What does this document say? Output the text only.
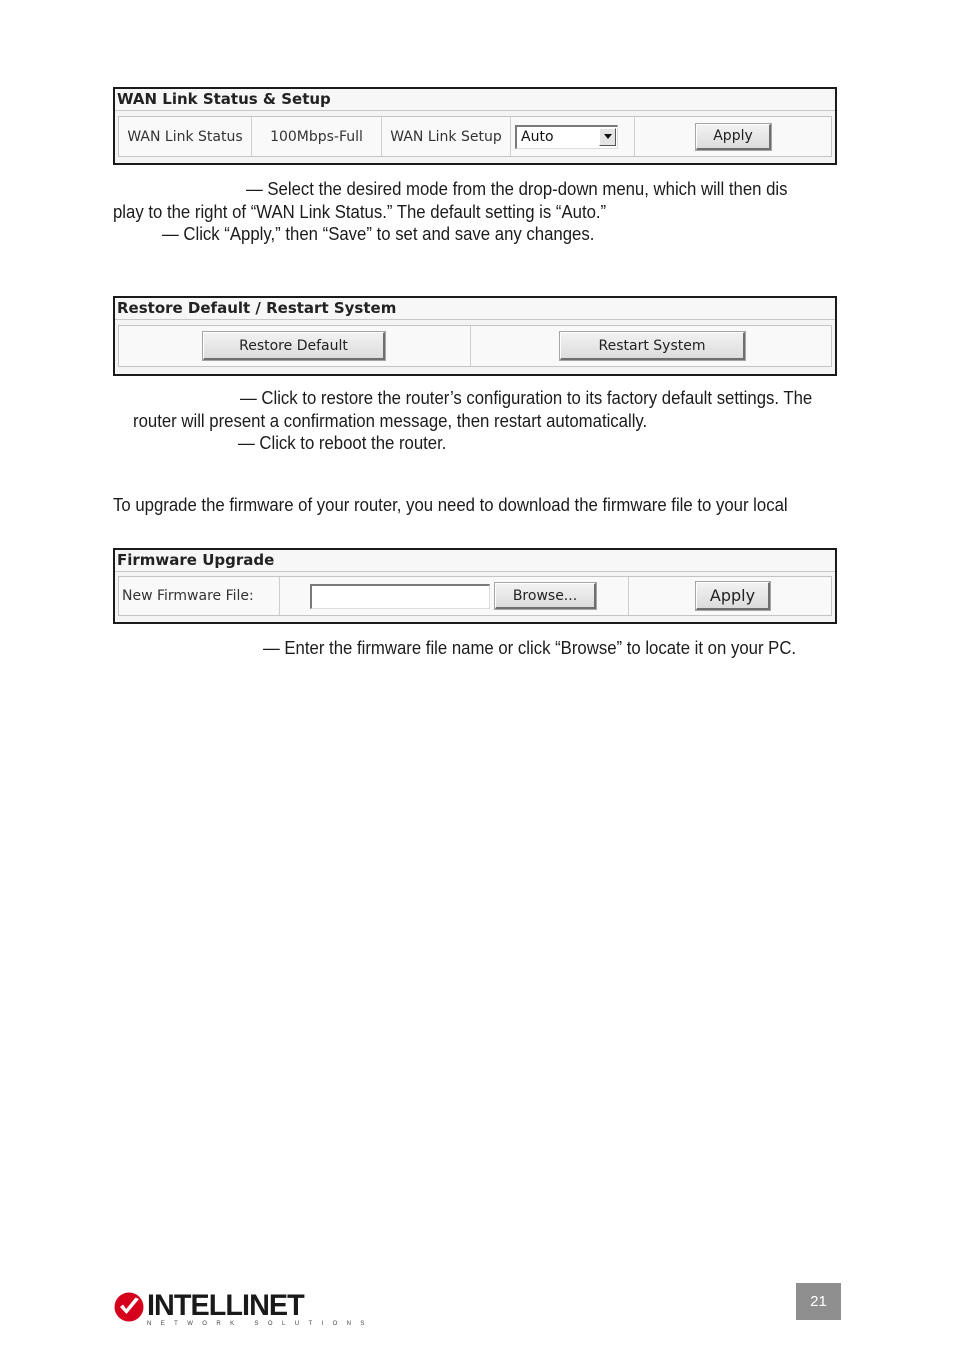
WAN Link Status & Setup
WAN Link Status	100Mbps-Full	WAN Link Setup	Auto	Apply
— Select the desired mode from the drop-down menu, which will then dis
play to the right of “WAN Link Status.” The default setting is “Auto.”
— Click “Apply,” then “Save” to set and save any changes.
Restore Default / Restart System
Restore Default	Restart System
— Click to restore the router’s configuration to its factory default settings. The
router will present a confirmation message, then restart automatically.
— Click to reboot the router.
To upgrade the firmware of your router, you need to download the firmware file to your local
Firmware Upgrade
New Firmware File:	Browse...	Apply
— Enter the firmware file name or click “Browse” to locate it on your PC.
INTELLINET
NETWORK SOLUTIONS
21
